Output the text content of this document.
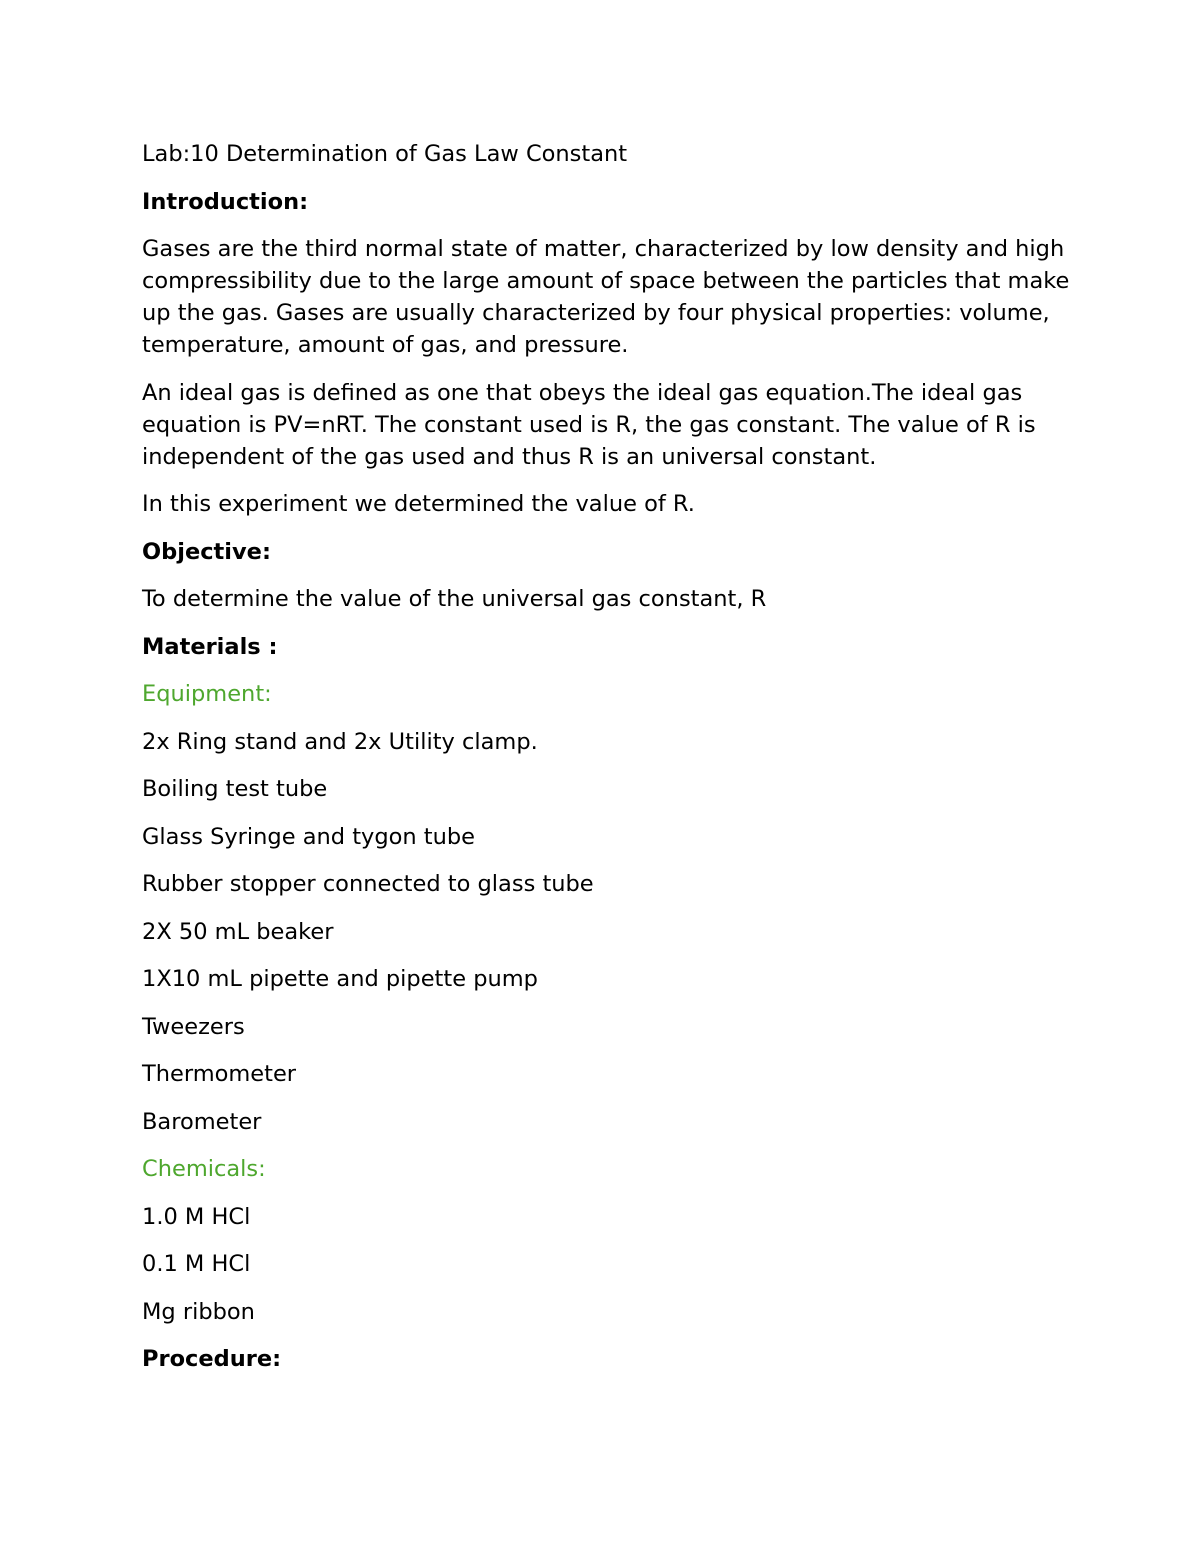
Lab:10 Determination of Gas Law Constant

Introduction:

Gases are the third normal state of matter, characterized by low density and high compressibility due to the large amount of space between the particles that make up the gas. Gases are usually characterized by four physical properties: volume, temperature, amount of gas, and pressure.

An ideal gas is defined as one that obeys the ideal gas equation.The ideal gas equation is PV=nRT. The constant used is R, the gas constant. The value of R is independent of the gas used and thus R is an universal constant.

In this experiment we determined the value of R.

Objective:

To determine the value of the universal gas constant, R

Materials :

Equipment:

2x Ring stand and 2x Utility clamp.

Boiling test tube

Glass Syringe and tygon tube

Rubber stopper connected to glass tube

2X 50 mL beaker

1X10 mL pipette and pipette pump

Tweezers

Thermometer

Barometer

Chemicals:

1.0 M HCl

0.1 M HCl

Mg ribbon

Procedure:
